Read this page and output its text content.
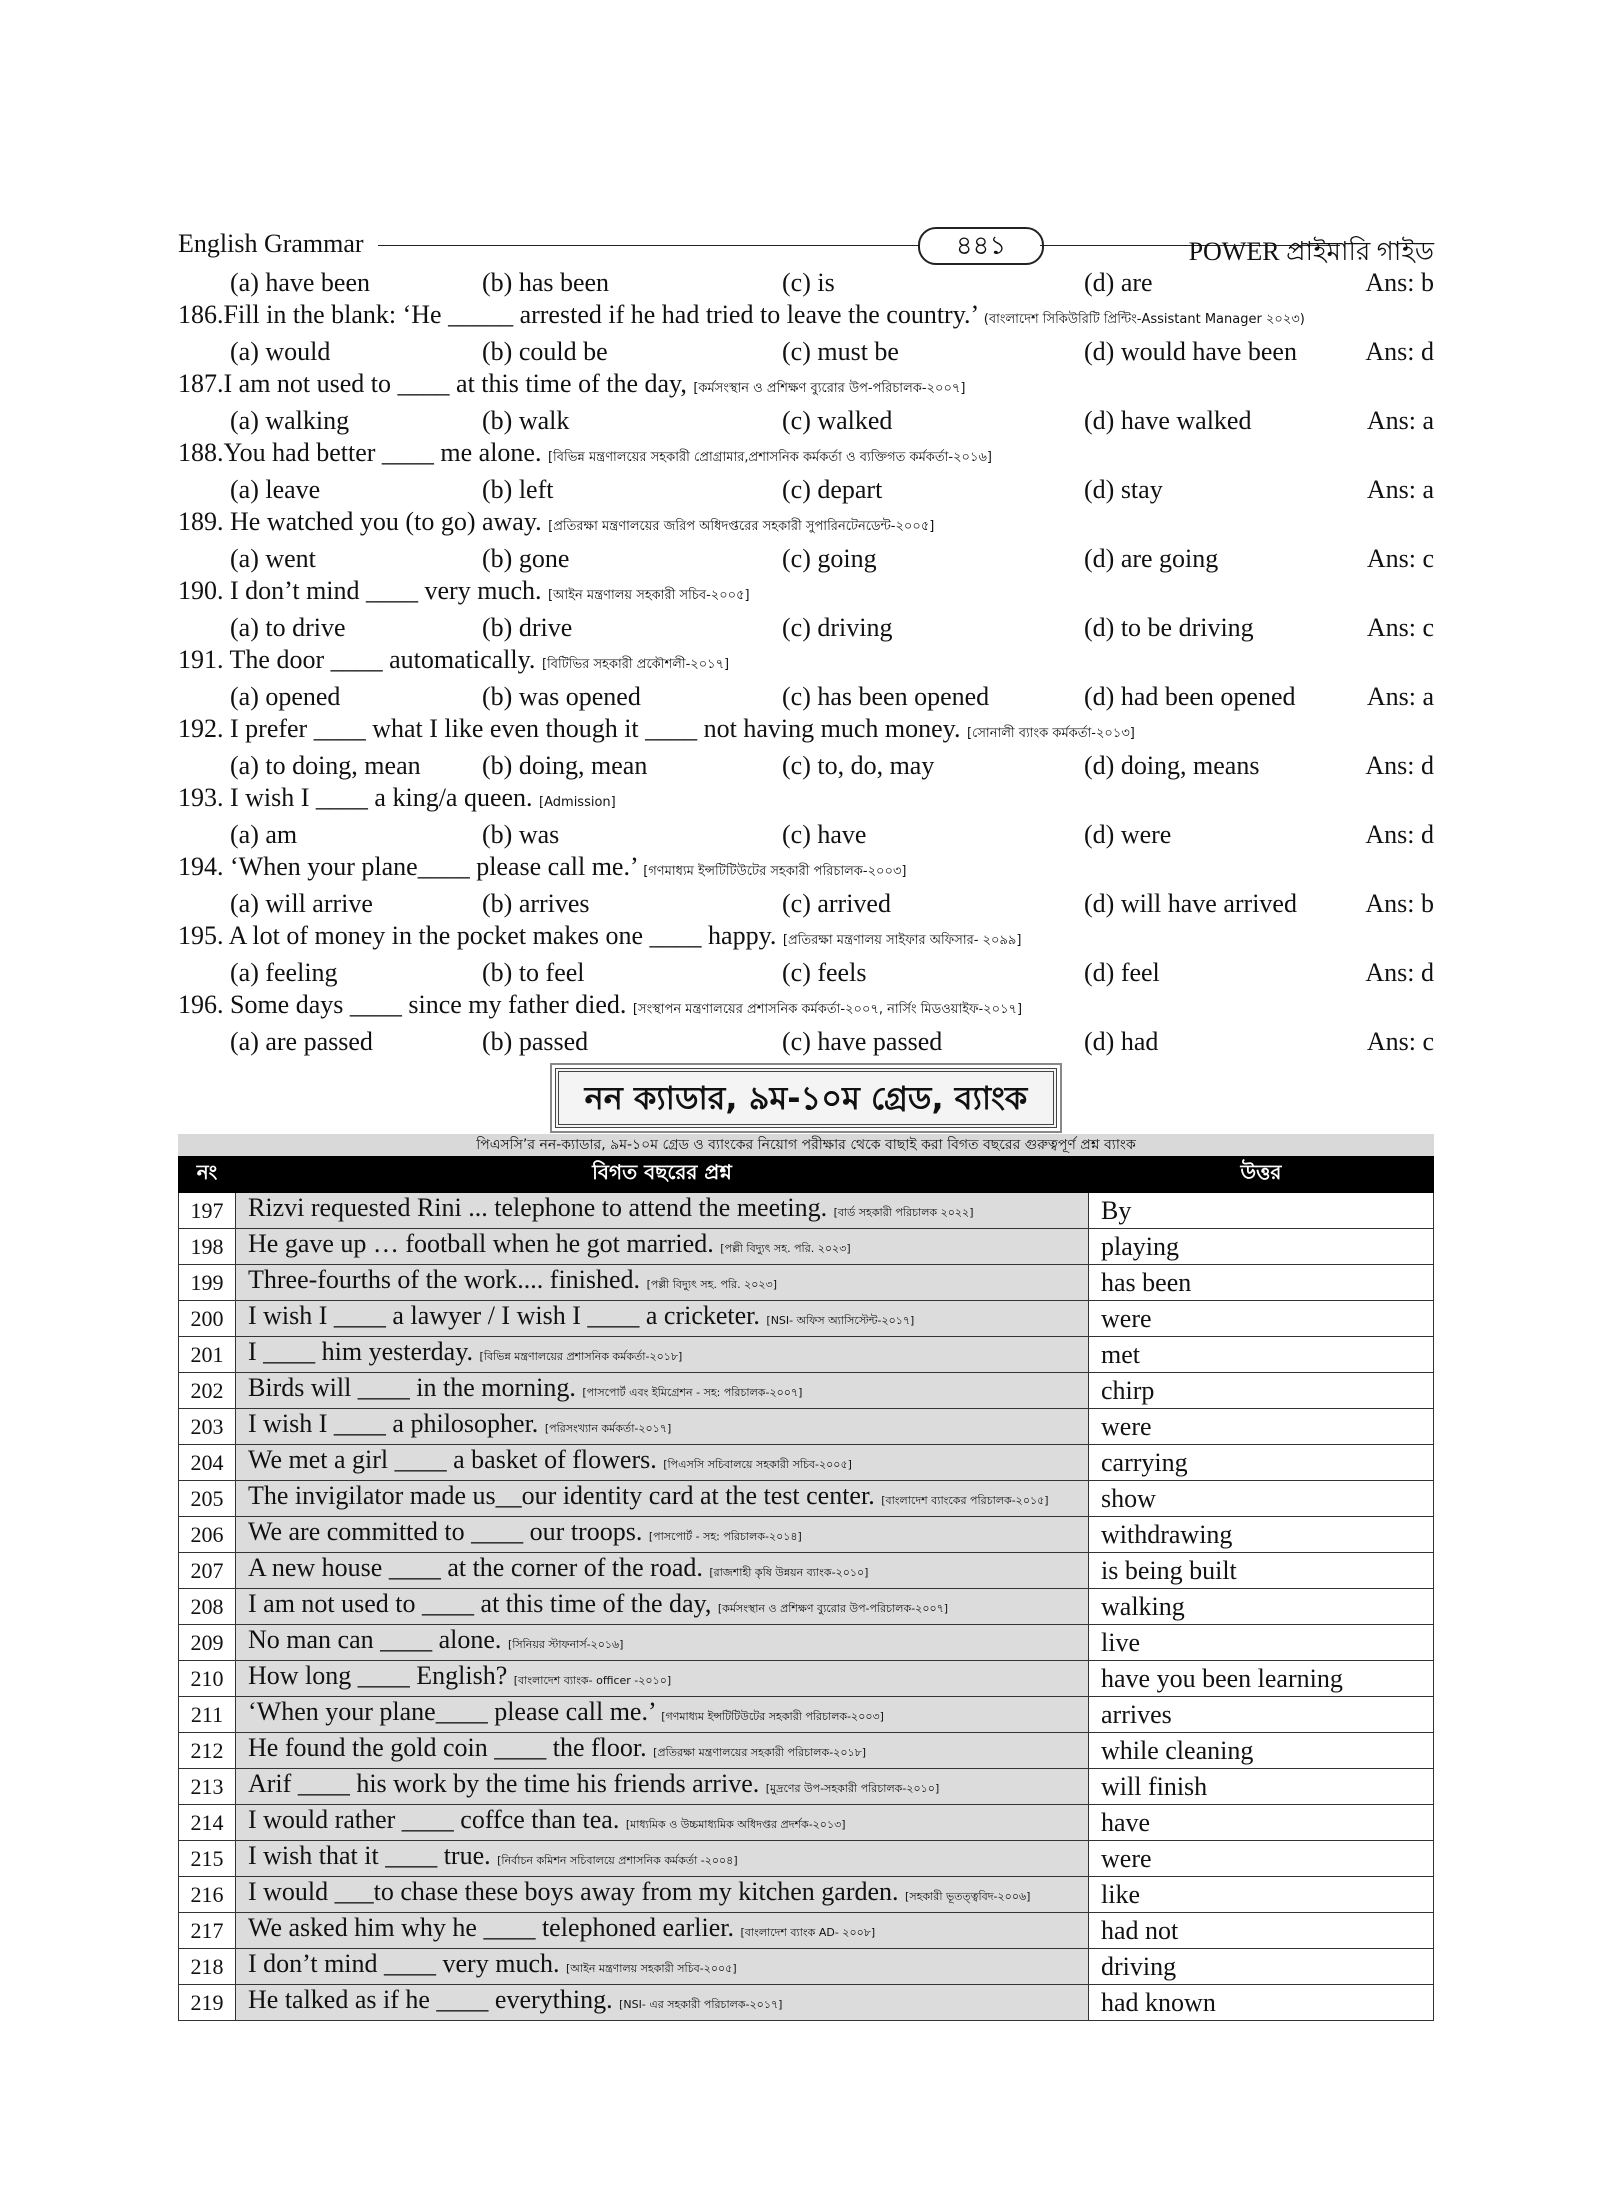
English Grammar	৪৪১	POWER প্রাইমারি গাইড
(a) have been	(b) has been	(c) is	(d) are	Ans: b
186.Fill in the blank: ‘He _____ arrested if he had tried to leave the country.’ (বাংলাদেশ সিকিউরিটি প্রিন্টিং-Assistant Manager ২০২৩)
(a) would	(b) could be	(c) must be	(d) would have been	Ans: d
187.I am not used to ____ at this time of the day, [কর্মসংস্থান ও প্রশিক্ষণ ব্যুরোর উপ-পরিচালক-২০০৭]
(a) walking	(b) walk	(c) walked	(d) have walked	Ans: a
188.You had better ____ me alone. [বিভিন্ন মন্ত্রণালয়ের সহকারী প্রোগ্রামার,প্রশাসনিক কর্মকর্তা ও ব্যক্তিগত কর্মকর্তা-২০১৬]
(a) leave	(b) left	(c) depart	(d) stay	Ans: a
189. He watched you (to go) away. [প্রতিরক্ষা মন্ত্রণালয়ের জরিপ অধিদপ্তরের সহকারী সুপারিনটেনডেন্ট-২০০৫]
(a) went	(b) gone	(c) going	(d) are going	Ans: c
190. I don’t mind ____ very much. [আইন মন্ত্রণালয় সহকারী সচিব-২০০৫]
(a) to drive	(b) drive	(c) driving	(d) to be driving	Ans: c
191. The door ____ automatically. [বিটিভির সহকারী প্রকৌশলী-২০১৭]
(a) opened	(b) was opened	(c) has been opened	(d) had been opened	Ans: a
192. I prefer ____ what I like even though it ____ not having much money. [সোনালী ব্যাংক কর্মকর্তা-২০১৩]
(a) to doing, mean (b) doing, mean	(c) to, do, may	(d) doing, means	Ans: d
193. I wish I ____ a king/a queen. [Admission]
(a) am	(b) was	(c) have	(d) were	Ans: d
194. ‘When your plane____ please call me.’ [গণমাধ্যম ইন্সটিটিউটের সহকারী পরিচালক-২০০৩]
(a) will arrive	(b) arrives	(c) arrived	(d) will have arrived	Ans: b
195. A lot of money in the pocket makes one ____ happy. [প্রতিরক্ষা মন্ত্রণালয় সাইফার অফিসার- ২০৯৯]
(a) feeling	(b) to feel	(c) feels	(d) feel	Ans: d
196. Some days ____ since my father died. [সংস্থাপন মন্ত্রণালয়ের প্রশাসনিক কর্মকর্তা-২০০৭, নার্সিং মিডওয়াইফ-২০১৭]
(a) are passed	(b) passed	(c) have passed	(d) had	Ans: c
নন ক্যাডার, ৯ম-১০ম গ্রেড, ব্যাংক
পিএসসি’র নন-ক্যাডার, ৯ম-১০ম গ্রেড ও ব্যাংকের নিয়োগ পরীক্ষার থেকে বাছাই করা বিগত বছরের গুরুত্বপূর্ণ প্রশ্ন ব্যাংক
নং	বিগত বছরের প্রশ্ন	উত্তর
197	Rizvi requested Rini ... telephone to attend the meeting. [বার্ড সহকারী পরিচালক ২০২২]	By
198	He gave up … football when he got married. [পল্লী বিদ্যুৎ সহ. পরি. ২০২৩]	playing
199	Three-fourths of the work.... finished. [পল্লী বিদ্যুৎ সহ. পরি. ২০২৩]	has been
200	I wish I ____ a lawyer / I wish I ____ a cricketer. [NSI- অফিস অ্যাসিস্টেন্ট-২০১৭]	were
201	I ____ him yesterday. [বিভিন্ন মন্ত্রণালয়ের প্রশাসনিক কর্মকর্তা-২০১৮]	met
202	Birds will ____ in the morning. [পাসপোর্ট এবং ইমিগ্রেশন - সহ: পরিচালক-২০০৭]	chirp
203	I wish I ____ a philosopher. [পরিসংখ্যান কর্মকর্তা-২০১৭]	were
204	We met a girl ____ a basket of flowers. [পিএসসি সচিবালয়ে সহকারী সচিব-২০০৫]	carrying
205	The invigilator made us__our identity card at the test center. [বাংলাদেশ ব্যাংকের পরিচালক-২০১৫]	show
206	We are committed to ____ our troops. [পাসপোর্ট - সহ: পরিচালক-২০১৪]	withdrawing
207	A new house ____ at the corner of the road. [রাজশাহী কৃষি উন্নয়ন ব্যাংক-২০১০]	is being built
208	I am not used to ____ at this time of the day, [কর্মসংস্থান ও প্রশিক্ষণ ব্যুরোর উপ-পরিচালক-২০০৭]	walking
209	No man can ____ alone. [সিনিয়র স্টাফনার্স-২০১৬]	live
210	How long ____ English? [বাংলাদেশ ব্যাংক- officer -২০১০]	have you been learning
211	‘When your plane____ please call me.’ [গণমাধ্যম ইন্সটিটিউটের সহকারী পরিচালক-২০০৩]	arrives
212	He found the gold coin ____ the floor. [প্রতিরক্ষা মন্ত্রণালয়ের সহকারী পরিচালক-২০১৮]	while cleaning
213	Arif ____ his work by the time his friends arrive. [মুদ্রণের উপ-সহকারী পরিচালক-২০১০]	will finish
214	I would rather ____ coffce than tea. [মাধ্যমিক ও উচ্চমাধ্যমিক অধিদপ্তর প্রদর্শক-২০১৩]	have
215	I wish that it ____ true. [নির্বাচন কমিশন সচিবালয়ে প্রশাসনিক কর্মকর্তা -২০০৪]	were
216	I would ___to chase these boys away from my kitchen garden. [সহকারী ভূতত্ত্ববিদ-২০০৬]	like
217	We asked him why he ____ telephoned earlier. [বাংলাদেশ ব্যাংক AD- ২০০৮]	had not
218	I don’t mind ____ very much. [আইন মন্ত্রণালয় সহকারী সচিব-২০০৫]	driving
219	He talked as if he ____ everything. [NSI- এর সহকারী পরিচালক-২০১৭]	had known
